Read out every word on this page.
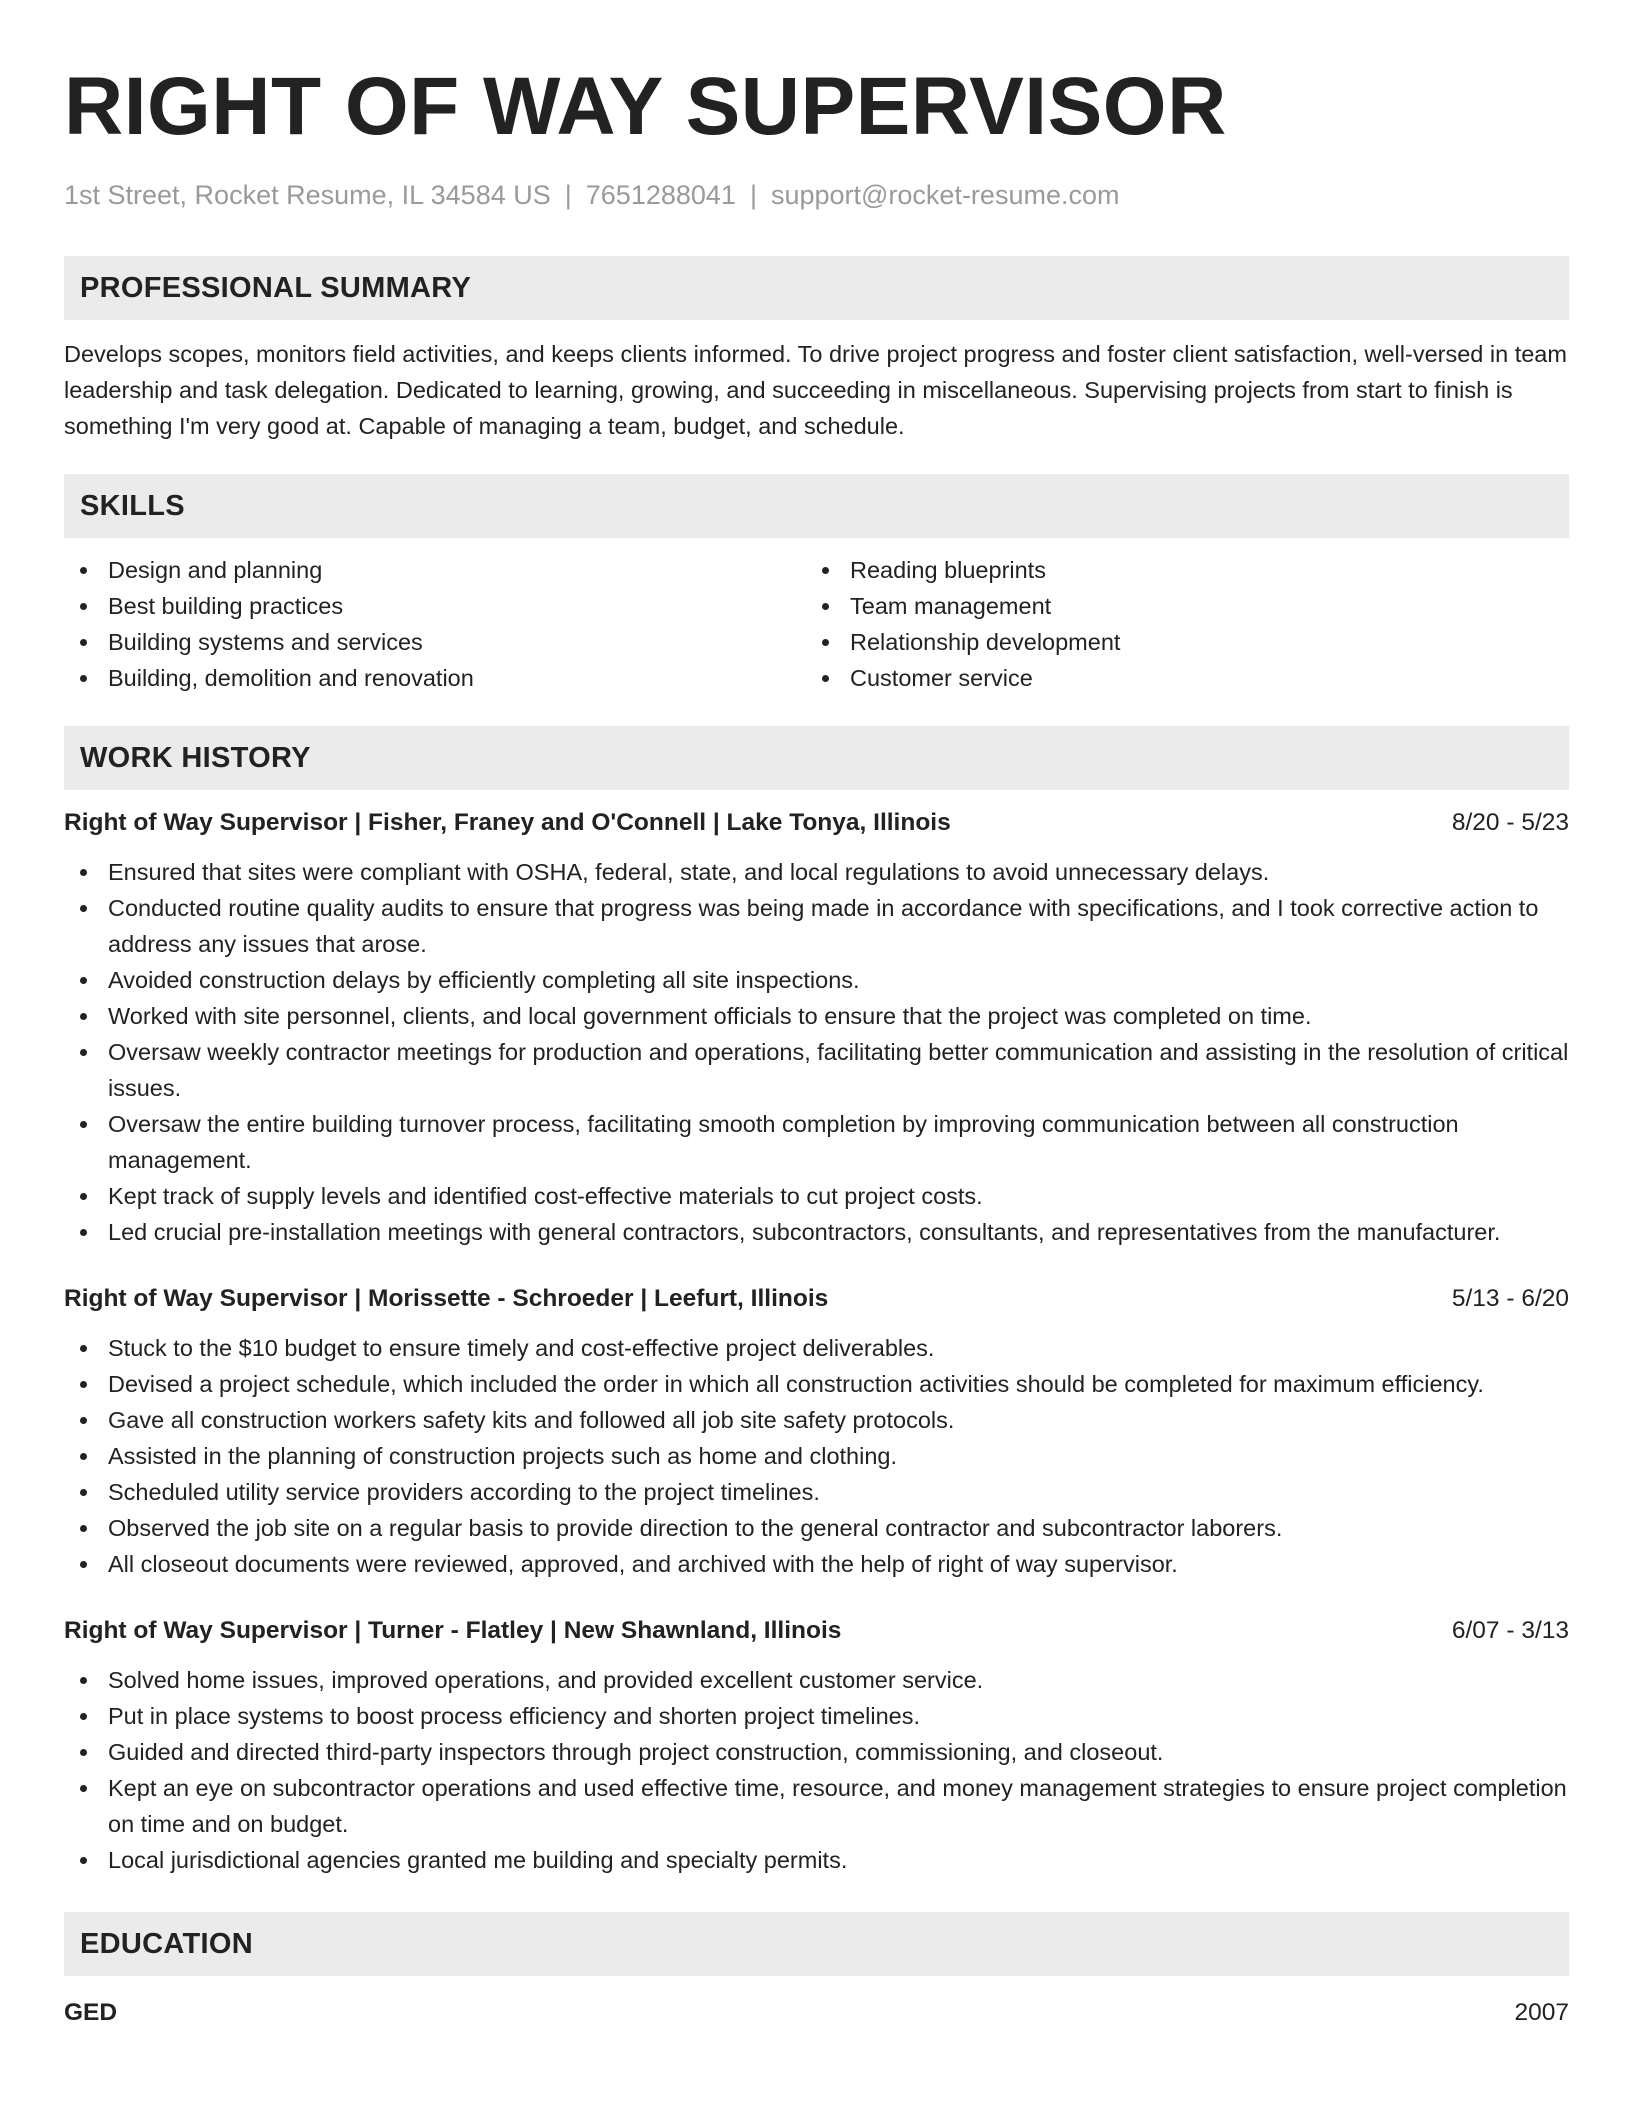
RIGHT OF WAY SUPERVISOR
1st Street, Rocket Resume, IL 34584 US | 7651288041 | support@rocket-resume.com
PROFESSIONAL SUMMARY
Develops scopes, monitors field activities, and keeps clients informed. To drive project progress and foster client satisfaction, well-versed in team leadership and task delegation. Dedicated to learning, growing, and succeeding in miscellaneous. Supervising projects from start to finish is something I'm very good at. Capable of managing a team, budget, and schedule.
SKILLS
Design and planning
Best building practices
Building systems and services
Building, demolition and renovation
Reading blueprints
Team management
Relationship development
Customer service
WORK HISTORY
Right of Way Supervisor | Fisher, Franey and O'Connell | Lake Tonya, Illinois	8/20 - 5/23
Ensured that sites were compliant with OSHA, federal, state, and local regulations to avoid unnecessary delays.
Conducted routine quality audits to ensure that progress was being made in accordance with specifications, and I took corrective action to address any issues that arose.
Avoided construction delays by efficiently completing all site inspections.
Worked with site personnel, clients, and local government officials to ensure that the project was completed on time.
Oversaw weekly contractor meetings for production and operations, facilitating better communication and assisting in the resolution of critical issues.
Oversaw the entire building turnover process, facilitating smooth completion by improving communication between all construction management.
Kept track of supply levels and identified cost-effective materials to cut project costs.
Led crucial pre-installation meetings with general contractors, subcontractors, consultants, and representatives from the manufacturer.
Right of Way Supervisor | Morissette - Schroeder | Leefurt, Illinois	5/13 - 6/20
Stuck to the $10 budget to ensure timely and cost-effective project deliverables.
Devised a project schedule, which included the order in which all construction activities should be completed for maximum efficiency.
Gave all construction workers safety kits and followed all job site safety protocols.
Assisted in the planning of construction projects such as home and clothing.
Scheduled utility service providers according to the project timelines.
Observed the job site on a regular basis to provide direction to the general contractor and subcontractor laborers.
All closeout documents were reviewed, approved, and archived with the help of right of way supervisor.
Right of Way Supervisor | Turner - Flatley | New Shawnland, Illinois	6/07 - 3/13
Solved home issues, improved operations, and provided excellent customer service.
Put in place systems to boost process efficiency and shorten project timelines.
Guided and directed third-party inspectors through project construction, commissioning, and closeout.
Kept an eye on subcontractor operations and used effective time, resource, and money management strategies to ensure project completion on time and on budget.
Local jurisdictional agencies granted me building and specialty permits.
EDUCATION
GED	2007
